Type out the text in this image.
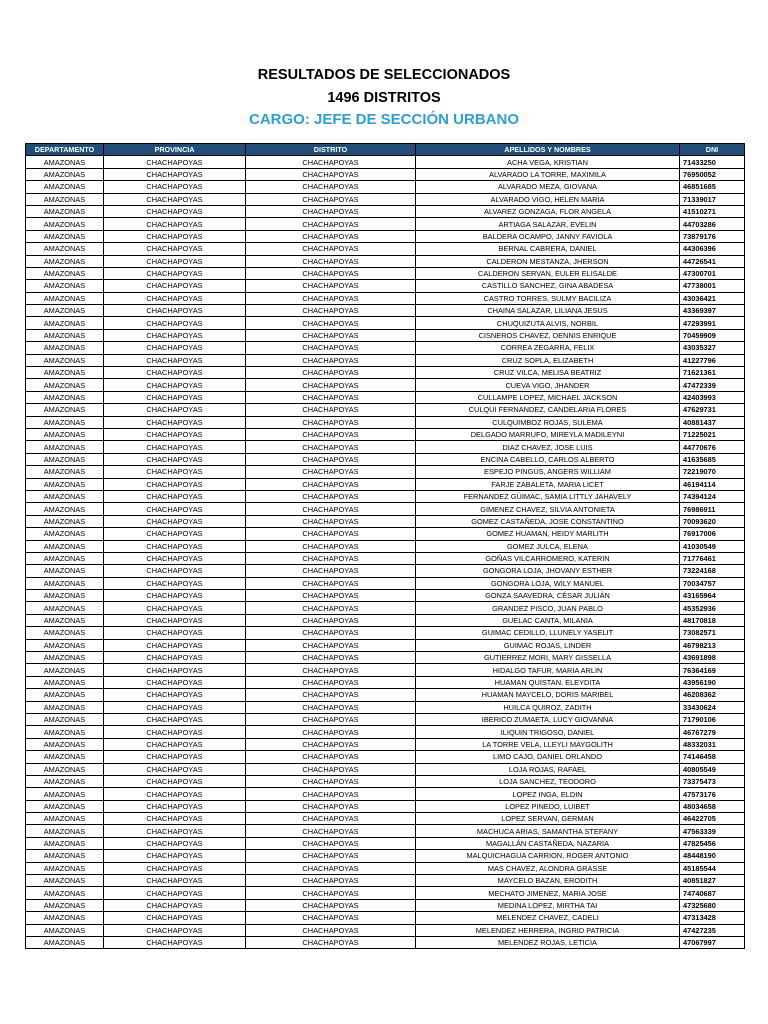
RESULTADOS DE SELECCIONADOS
1496 DISTRITOS
CARGO: JEFE DE SECCIÓN URBANO
DEPARTAMENTO	PROVINCIA	DISTRITO	APELLIDOS Y NOMBRES	DNI
AMAZONAS	CHACHAPOYAS	CHACHAPOYAS	ACHA VEGA, KRISTIAN	71433250
AMAZONAS	CHACHAPOYAS	CHACHAPOYAS	ALVARADO LA TORRE, MAXIMILA	76950052
AMAZONAS	CHACHAPOYAS	CHACHAPOYAS	ALVARADO MEZA, GIOVANA	46851685
AMAZONAS	CHACHAPOYAS	CHACHAPOYAS	ALVARADO VIGO, HELEN MARIA	71339017
AMAZONAS	CHACHAPOYAS	CHACHAPOYAS	ALVAREZ GONZAGA, FLOR ANGELA	41510271
AMAZONAS	CHACHAPOYAS	CHACHAPOYAS	ARTIAGA SALAZAR, EVELIN	44703286
AMAZONAS	CHACHAPOYAS	CHACHAPOYAS	BALDERA OCAMPO, JANNY FAVIOLA	73879176
AMAZONAS	CHACHAPOYAS	CHACHAPOYAS	BERNAL CABRERA, DANIEL	44306396
AMAZONAS	CHACHAPOYAS	CHACHAPOYAS	CALDERON MESTANZA, JHERSON	44726541
AMAZONAS	CHACHAPOYAS	CHACHAPOYAS	CALDERON SERVAN, EULER ELISALDE	47300701
AMAZONAS	CHACHAPOYAS	CHACHAPOYAS	CASTILLO SANCHEZ, GINA ABADESA	47738001
AMAZONAS	CHACHAPOYAS	CHACHAPOYAS	CASTRO TORRES, SULMY BACILIZA	43036421
AMAZONAS	CHACHAPOYAS	CHACHAPOYAS	CHAINA SALAZAR, LILIANA JESUS	43369397
AMAZONAS	CHACHAPOYAS	CHACHAPOYAS	CHUQUIZUTA ALVIS, NORBIL	47293991
AMAZONAS	CHACHAPOYAS	CHACHAPOYAS	CISNEROS CHAVEZ, DENNIS ENRIQUE	70459909
AMAZONAS	CHACHAPOYAS	CHACHAPOYAS	CORREA ZEGARRA, FELIX	43035327
AMAZONAS	CHACHAPOYAS	CHACHAPOYAS	CRUZ SOPLA, ELIZABETH	41227796
AMAZONAS	CHACHAPOYAS	CHACHAPOYAS	CRUZ VILCA, MELISA BEATRIZ	71621361
AMAZONAS	CHACHAPOYAS	CHACHAPOYAS	CUEVA VIGO, JHANDER	47472339
AMAZONAS	CHACHAPOYAS	CHACHAPOYAS	CULLAMPE LOPEZ, MICHAEL JACKSON	42403993
AMAZONAS	CHACHAPOYAS	CHACHAPOYAS	CULQUI FERNANDEZ, CANDELARIA FLORES	47629731
AMAZONAS	CHACHAPOYAS	CHACHAPOYAS	CULQUIMBOZ ROJAS, SULEMA	40881437
AMAZONAS	CHACHAPOYAS	CHACHAPOYAS	DELGADO MARRUFO, MIREYLA MADILEYNI	71225021
AMAZONAS	CHACHAPOYAS	CHACHAPOYAS	DIAZ CHAVEZ, JOSE LUIS	44770676
AMAZONAS	CHACHAPOYAS	CHACHAPOYAS	ENCINA CABELLO, CARLOS ALBERTO	41635685
AMAZONAS	CHACHAPOYAS	CHACHAPOYAS	ESPEJO PINGUS, ANGERS WILLIAM	72219070
AMAZONAS	CHACHAPOYAS	CHACHAPOYAS	FARJE ZABALETA, MARIA LICET	46194114
AMAZONAS	CHACHAPOYAS	CHACHAPOYAS	FERNANDEZ GÜIMAC, SAMIA LITTLY JAHAVELY	74394124
AMAZONAS	CHACHAPOYAS	CHACHAPOYAS	GIMENEZ CHAVEZ, SILVIA ANTONIETA	76986911
AMAZONAS	CHACHAPOYAS	CHACHAPOYAS	GOMEZ CASTAÑEDA, JOSE CONSTANTINO	70093620
AMAZONAS	CHACHAPOYAS	CHACHAPOYAS	GOMEZ HUAMAN, HEIDY MARLITH	76917006
AMAZONAS	CHACHAPOYAS	CHACHAPOYAS	GOMEZ JULCA, ELENA	41030549
AMAZONAS	CHACHAPOYAS	CHACHAPOYAS	GOÑAS VILCARROMERO, KATERIN	71776461
AMAZONAS	CHACHAPOYAS	CHACHAPOYAS	GONGORA LOJA, JHOVANY ESTHER	73224168
AMAZONAS	CHACHAPOYAS	CHACHAPOYAS	GONGORA LOJA, WILY MANUEL	70034757
AMAZONAS	CHACHAPOYAS	CHACHAPOYAS	GONZA SAAVEDRA, CÉSAR JULIÁN	43165964
AMAZONAS	CHACHAPOYAS	CHACHAPOYAS	GRANDEZ PISCO, JUAN PABLO	45352936
AMAZONAS	CHACHAPOYAS	CHACHAPOYAS	GUELAC CANTA, MILANIA	48170818
AMAZONAS	CHACHAPOYAS	CHACHAPOYAS	GUIMAC CEDILLO, LLUNELY YASELIT	73082571
AMAZONAS	CHACHAPOYAS	CHACHAPOYAS	GUIMAC ROJAS, LINDER	46798213
AMAZONAS	CHACHAPOYAS	CHACHAPOYAS	GUTIERREZ MORI, MARY GISSELLA	43691898
AMAZONAS	CHACHAPOYAS	CHACHAPOYAS	HIDALGO TAFUR, MARIA ARLIN	76364169
AMAZONAS	CHACHAPOYAS	CHACHAPOYAS	HUAMAN QUISTAN, ELEYDITA	43956190
AMAZONAS	CHACHAPOYAS	CHACHAPOYAS	HUAMAN MAYCELO, DORIS MARIBEL	46208362
AMAZONAS	CHACHAPOYAS	CHACHAPOYAS	HUILCA QUIROZ, ZADITH	33430624
AMAZONAS	CHACHAPOYAS	CHACHAPOYAS	IBERICO ZUMAETA, LUCY GIOVANNA	71790106
AMAZONAS	CHACHAPOYAS	CHACHAPOYAS	ILIQUIN TRIGOSO, DANIEL	46767279
AMAZONAS	CHACHAPOYAS	CHACHAPOYAS	LA TORRE VELA, LLEYLI MAYGOLITH	48332031
AMAZONAS	CHACHAPOYAS	CHACHAPOYAS	LIMO CAJO, DANIEL ORLANDO	74146458
AMAZONAS	CHACHAPOYAS	CHACHAPOYAS	LOJA ROJAS, RAFAEL	40805549
AMAZONAS	CHACHAPOYAS	CHACHAPOYAS	LOJA SANCHEZ, TEODORO	73375473
AMAZONAS	CHACHAPOYAS	CHACHAPOYAS	LOPEZ INGA, ELDIN	47573176
AMAZONAS	CHACHAPOYAS	CHACHAPOYAS	LOPEZ PINEDO, LUIBET	48034658
AMAZONAS	CHACHAPOYAS	CHACHAPOYAS	LOPEZ SERVAN, GERMAN	46422705
AMAZONAS	CHACHAPOYAS	CHACHAPOYAS	MACHUCA ARIAS, SAMANTHA STEFANY	47563339
AMAZONAS	CHACHAPOYAS	CHACHAPOYAS	MAGALLÁN CASTAÑEDA, NAZARIA	47825456
AMAZONAS	CHACHAPOYAS	CHACHAPOYAS	MALQUICHAGUA CARRION, ROGER ANTONIO	48448190
AMAZONAS	CHACHAPOYAS	CHACHAPOYAS	MAS CHAVEZ, ALONDRA GRASSE	45185544
AMAZONAS	CHACHAPOYAS	CHACHAPOYAS	MAYCELO BAZAN, ERODITH	40851827
AMAZONAS	CHACHAPOYAS	CHACHAPOYAS	MECHATO JIMENEZ, MARIA JOSE	74740687
AMAZONAS	CHACHAPOYAS	CHACHAPOYAS	MEDINA LOPEZ, MIRTHA TAI	47325680
AMAZONAS	CHACHAPOYAS	CHACHAPOYAS	MELENDEZ CHAVEZ, CADELI	47313428
AMAZONAS	CHACHAPOYAS	CHACHAPOYAS	MELENDEZ HERRERA, INGRID PATRICIA	47427235
AMAZONAS	CHACHAPOYAS	CHACHAPOYAS	MELENDEZ ROJAS, LETICIA	47067997
